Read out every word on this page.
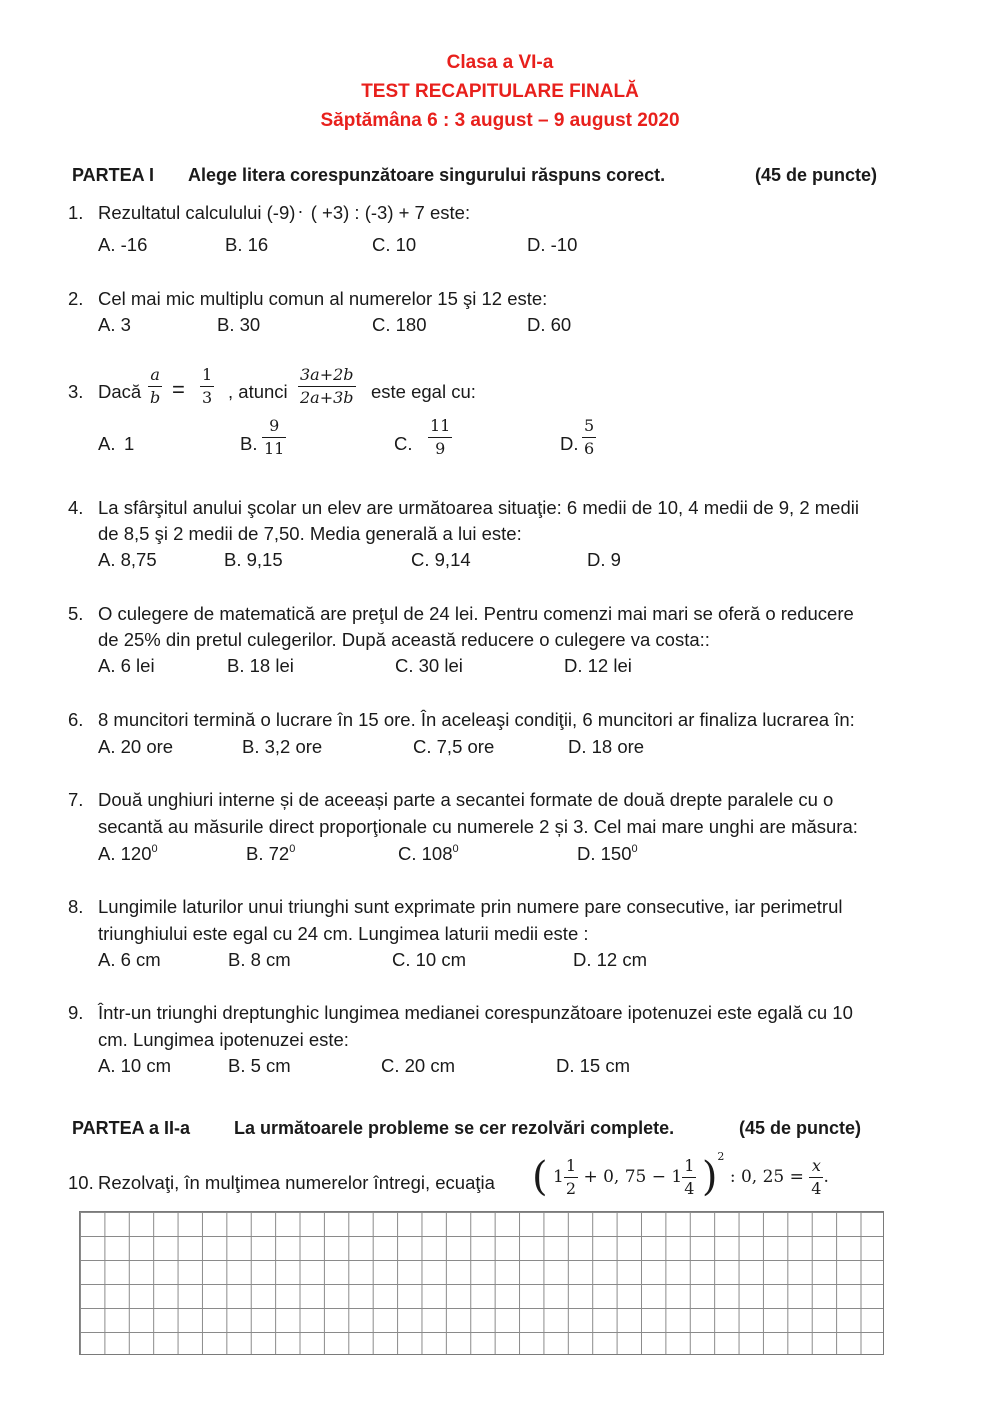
Clasa a VI-a
TEST RECAPITULARE FINALĂ
Săptămâna 6 : 3 august – 9 august 2020
PARTEA I Alege litera corespunzătoare singurului răspuns corect.	(45 de puncte)
1. Rezultatul calculului (-9) · ( +3) : (-3) + 7 este:
A. -16	B. 16	C. 10	D. -10
2. Cel mai mic multiplu comun al numerelor 15 şi 12 este:
A. 3	B. 30	C. 180	D. 60
3. Dacă $\frac{a}{b} = \frac{1}{3}$ , atunci $\frac{3a+2b}{2a+3b}$ este egal cu:
A. 1	B. $\frac{9}{11}$	C. $\frac{11}{9}$	D. $\frac{5}{6}$
4. La sfârşitul anului şcolar un elev are următoarea situaţie: 6 medii de 10, 4 medii de 9, 2 medii
de 8,5 şi 2 medii de 7,50. Media generală a lui este:
A. 8,75	B. 9,15	C. 9,14	D. 9
5. O culegere de matematică are preţul de 24 lei. Pentru comenzi mai mari se oferă o reducere
de 25% din pretul culegerilor. După această reducere o culegere va costa::
A. 6 lei	B. 18 lei	C. 30 lei	D. 12 lei
6. 8 muncitori termină o lucrare în 15 ore. În aceleaşi condiţii, 6 muncitori ar finaliza lucrarea în:
A. 20 ore	B. 3,2 ore	C. 7,5 ore	D. 18 ore
7. Două unghiuri interne și de aceeași parte a secantei formate de două drepte paralele cu o
secantă au măsurile direct proporţionale cu numerele 2 și 3. Cel mai mare unghi are măsura:
A. $120^0$	B. $72^0$	C. $108^0$	D. $150^0$
8. Lungimile laturilor unui triunghi sunt exprimate prin numere pare consecutive, iar perimetrul
triunghiului este egal cu 24 cm. Lungimea laturii medii este :
A. 6 cm	B. 8 cm	C. 10 cm	D. 12 cm
9. Într-un triunghi dreptunghic lungimea medianei corespunzătoare ipotenuzei este egală cu 10
cm. Lungimea ipotenuzei este:
A. 10 cm	B. 5 cm	C. 20 cm	D. 15 cm
PARTEA a II-a La următoarele probleme se cer rezolvări complete.	(45 de puncte)
10. Rezolvaţi, în mulţimea numerelor întregi, ecuaţia ( $1 \frac{1}{2} + 0$, $75 - 1 \frac{1}{4} )^2$ : 0, $25 = \frac{x}{4}$ .
